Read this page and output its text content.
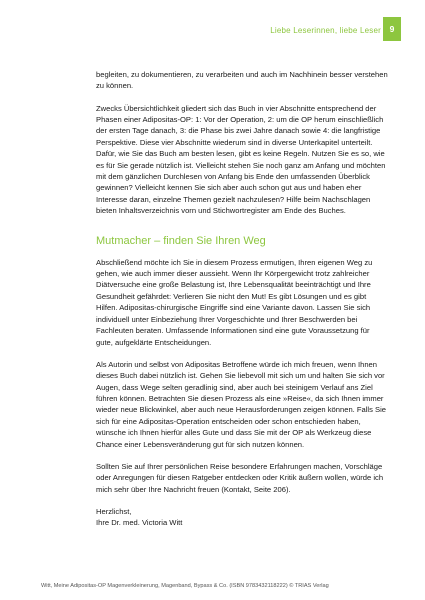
Liebe Leserinnen, liebe Leser 9

begleiten, zu dokumentieren, zu verarbeiten und auch im Nachhinein besser verstehen zu können.

Zwecks Übersichtlichkeit gliedert sich das Buch in vier Abschnitte entsprechend der Phasen einer Adipositas-OP: 1: Vor der Operation, 2: um die OP herum einschließlich der ersten Tage danach, 3: die Phase bis zwei Jahre danach sowie 4: die langfristige Perspektive. Diese vier Abschnitte wiederum sind in diverse Unterkapitel unterteilt. Dafür, wie Sie das Buch am besten lesen, gibt es keine Regeln. Nutzen Sie es so, wie es für Sie gerade nützlich ist. Vielleicht stehen Sie noch ganz am Anfang und möchten mit dem gänzlichen Durchlesen von Anfang bis Ende den umfassenden Überblick gewinnen? Vielleicht kennen Sie sich aber auch schon gut aus und haben eher Interesse daran, einzelne Themen gezielt nachzulesen? Hilfe beim Nachschlagen bieten Inhaltsverzeichnis vorn und Stichwortregister am Ende des Buches.

Mutmacher – finden Sie Ihren Weg

Abschließend möchte ich Sie in diesem Prozess ermutigen, Ihren eigenen Weg zu gehen, wie auch immer dieser aussieht. Wenn Ihr Körpergewicht trotz zahlreicher Diätversuche eine große Belastung ist, Ihre Lebensqualität beeinträchtigt und Ihre Gesundheit gefährdet: Verlieren Sie nicht den Mut! Es gibt Lösungen und es gibt Hilfen. Adipositas-chirurgische Eingriffe sind eine Variante davon. Lassen Sie sich individuell unter Einbeziehung Ihrer Vorgeschichte und Ihrer Beschwerden bei Fachleuten beraten. Umfassende Informationen sind eine gute Voraussetzung für gute, aufgeklärte Entscheidungen.

Als Autorin und selbst von Adipositas Betroffene würde ich mich freuen, wenn Ihnen dieses Buch dabei nützlich ist. Gehen Sie liebevoll mit sich um und halten Sie sich vor Augen, dass Wege selten geradlinig sind, aber auch bei steinigem Verlauf ans Ziel führen können. Betrachten Sie diesen Prozess als eine »Reise«, da sich Ihnen immer wieder neue Blickwinkel, aber auch neue Herausforderungen zeigen können. Falls Sie sich für eine Adipositas-Operation entscheiden oder schon entschieden haben, wünsche ich Ihnen hierfür alles Gute und dass Sie mit der OP als Werkzeug diese Chance einer Lebensveränderung gut für sich nutzen können.

Sollten Sie auf Ihrer persönlichen Reise besondere Erfahrungen machen, Vorschläge oder Anregungen für diesen Ratgeber entdecken oder Kritik äußern wollen, würde ich mich sehr über Ihre Nachricht freuen (Kontakt, Seite 206).

Herzlichst,

Ihre Dr. med. Victoria Witt

Witt, Meine Adipositas-OP Magenverkleinerung, Magenband, Bypass & Co. (ISBN 9783432118222) © TRIAS Verlag
